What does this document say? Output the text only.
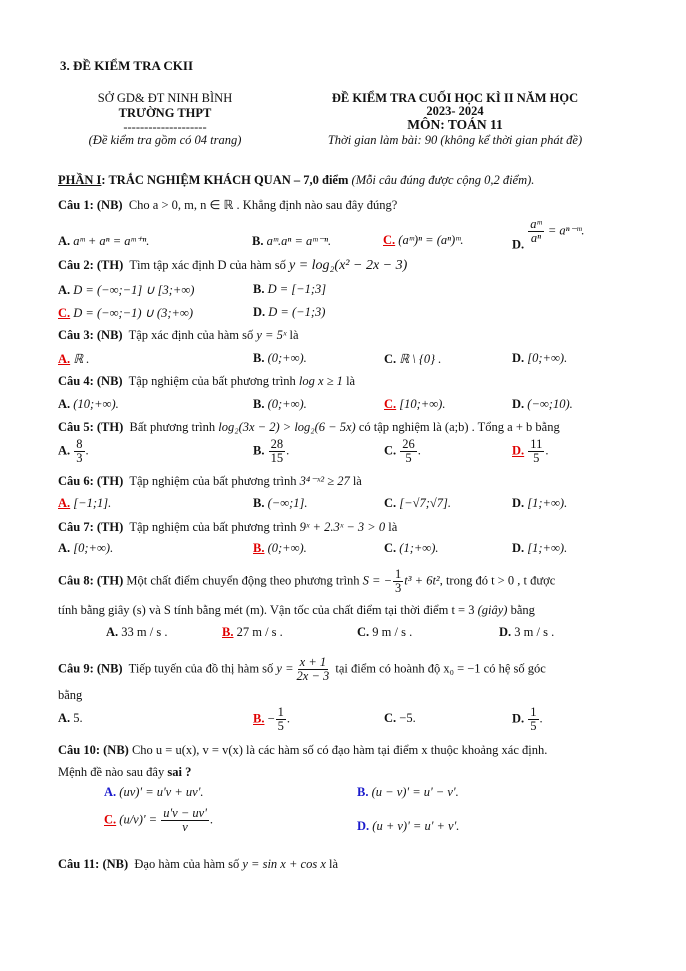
3. ĐỀ KIỂM TRA CKII
SỞ GD& ĐT NINH BÌNH
TRƯỜNG THPT
--------------------
(Đề kiểm tra gồm có 04 trang)
ĐỀ KIỂM TRA CUỐI HỌC KÌ II NĂM HỌC
2023- 2024
MÔN: TOÁN 11
Thời gian làm bài: 90 (không kể thời gian phát đề)
PHẦN I: TRẮC NGHIỆM KHÁCH QUAN – 7,0 điểm (Mỗi câu đúng được cộng 0,2 điểm).
Câu 1: (NB) Cho a > 0, m, n ∈ ℝ . Khẳng định nào sau đây đúng?
A. aᵐ + aⁿ = aᵐ⁺ⁿ.	B. aᵐ.aⁿ = aᵐ⁻ⁿ.	C. (aᵐ)ⁿ = (aⁿ)ᵐ.	D. $\frac{\text{aᵐ}}{\text{aⁿ}}$ = aⁿ⁻ᵐ.
Câu 2: (TH) Tìm tập xác định D của hàm số y = log₂(x² − 2x − 3)
A. D = (−∞;−1] ∪ [3;+∞)	B. D = [−1;3]
C. D = (−∞;−1) ∪ (3;+∞)	D. D = (−1;3)
Câu 3: (NB) Tập xác định của hàm số y = 5ˣ là
A. ℝ .	B. (0;+∞).	C. ℝ \ {0} .	D. [0;+∞).
Câu 4: (NB) Tập nghiệm của bất phương trình log x ≥ 1 là
A. (10;+∞).	B. (0;+∞).	C. [10;+∞).	D. (−∞;10).
Câu 5: (TH) Bất phương trình log₂(3x − 2) > log₂(6 − 5x) có tập nghiệm là (a;b) . Tổng a + b bằng
A. $\frac{8}{3}$ .	B. $\frac{28}{15}$ .	C. $\frac{26}{5}$ .	D. $\frac{11}{5}$ .
Câu 6: (TH) Tập nghiệm của bất phương trình 3⁴⁻ˣ² ≥ 27 là
A. [−1;1].	B. (−∞;1].	C. [−√7;√7].	D. [1;+∞).
Câu 7: (TH) Tập nghiệm của bất phương trình 9ˣ + 2.3ˣ − 3 > 0 là
A. [0;+∞).	B. (0;+∞).	C. (1;+∞).	D. [1;+∞).
Câu 8: (TH) Một chất điểm chuyển động theo phương trình S = − $\frac{1}{3} t^3 + 6t^2$, trong đó t > 0 , t được
tính bằng giây (s) và S tính bằng mét (m). Vận tốc của chất điểm tại thời điểm t = 3 (giây) bằng
A. 33 m / s .	B. 27 m / s .	C. 9 m / s .	D. 3 m / s .
Câu 9: (NB) Tiếp tuyến của đồ thị hàm số $y = \frac{x + 1}{2x - 3}$ tại điểm có hoành độ x₀ = −1 có hệ số góc
bằng
A. 5.	B. − $\frac{1}{5}$ .	C. −5.	D. $\frac{1}{5}$ .
Câu 10: (NB) Cho u = u(x), v = v(x) là các hàm số có đạo hàm tại điểm x thuộc khoảng xác định.
Mệnh đề nào sau đây sai ?
A. (uv)' = u'v + uv'.	B. (u − v)' = u' − v'.
C. $(u/v)' = \frac{u'v - uv'}{v}$ .	D. (u + v)' = u' + v'.
Câu 11: (NB) Đạo hàm của hàm số y = sin x + cos x là
